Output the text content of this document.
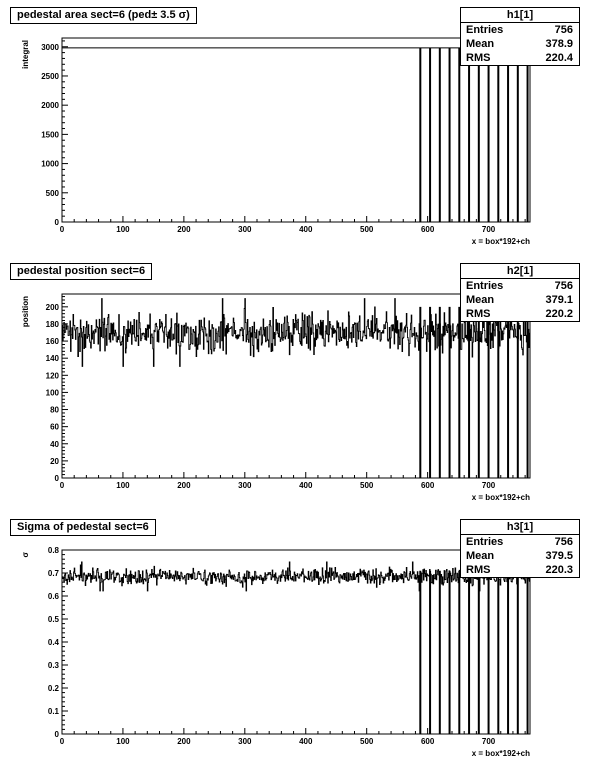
0	100	200	300	400	500	600	700
0
500
1000
1500
2000
2500
3000
x = box*192+ch
integral
pedestal area sect=6 (ped± 3.5 σ)	h1[1]
Entries	756
Mean	378.9
RMS	220.4
0	100	200	300	400	500	600	700
0
20
40
60
80
100
120
140
160
180
200
x = box*192+ch
position
pedestal position sect=6	h2[1]
Entries	756
Mean	379.1
RMS	220.2
0	100	200	300	400	500	600	700
0
0.1
0.2
0.3
0.4
0.5
0.6
0.7
0.8
x = box*192+ch
σ
Sigma of pedestal sect=6	h3[1]
Entries	756
Mean	379.5
RMS	220.3
